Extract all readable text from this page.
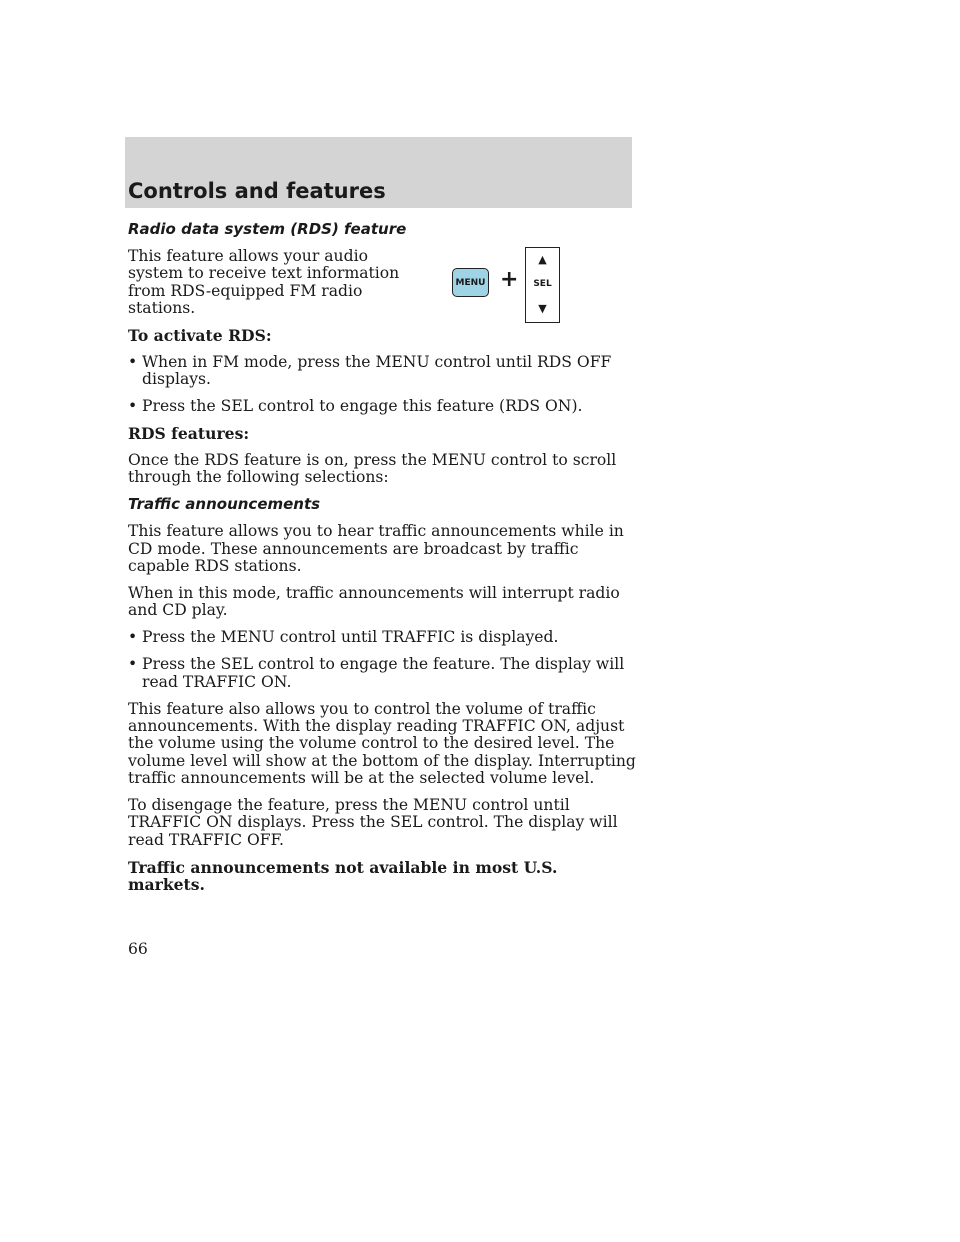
Controls and features
MENU +
▲
SEL
▼

Radio data system (RDS) feature

This feature allows your audio system to receive text information from RDS-equipped FM radio stations.

To activate RDS:

• When in FM mode, press the MENU control until RDS OFF displays.
• Press the SEL control to engage this feature (RDS ON).

RDS features:

Once the RDS feature is on, press the MENU control to scroll through the following selections:

Traffic announcements

This feature allows you to hear traffic announcements while in CD mode. These announcements are broadcast by traffic capable RDS stations.

When in this mode, traffic announcements will interrupt radio and CD play.

• Press the MENU control until TRAFFIC is displayed.
• Press the SEL control to engage the feature. The display will read TRAFFIC ON.

This feature also allows you to control the volume of traffic announcements. With the display reading TRAFFIC ON, adjust the volume using the volume control to the desired level. The volume level will show at the bottom of the display. Interrupting traffic announcements will be at the selected volume level.

To disengage the feature, press the MENU control until TRAFFIC ON displays. Press the SEL control. The display will read TRAFFIC OFF.

Traffic announcements not available in most U.S. markets.

66
